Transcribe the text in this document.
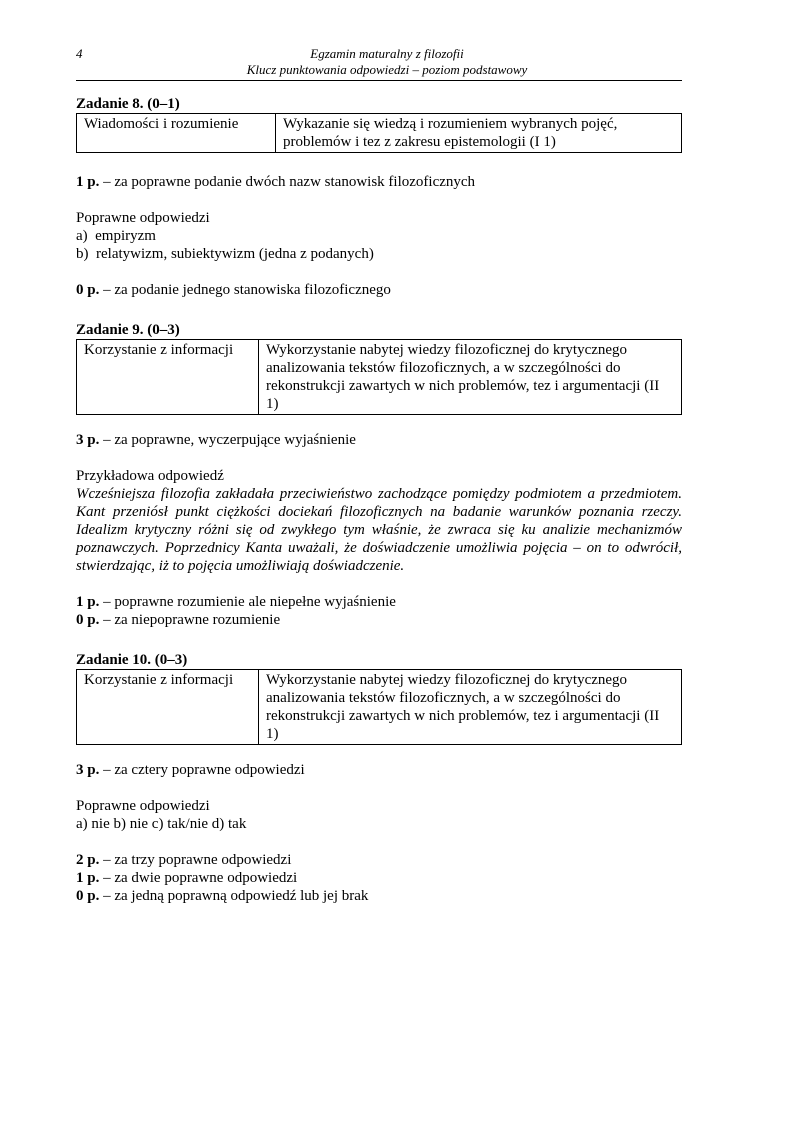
4	Egzamin maturalny z filozofii
Klucz punktowania odpowiedzi – poziom podstawowy

Zadanie 8. (0–1)

Wiadomości i rozumienie	Wykazanie się wiedzą i rozumieniem wybranych pojęć, problemów i tez z zakresu epistemologii (I 1)

1 p. – za poprawne podanie dwóch nazw stanowisk filozoficznych

Poprawne odpowiedzi

a)  empiryzm

b)  relatywizm, subiektywizm (jedna z podanych)

0 p. – za podanie jednego stanowiska filozoficznego

Zadanie 9. (0–3)

Korzystanie z informacji	Wykorzystanie nabytej wiedzy filozoficznej do krytycznego analizowania tekstów filozoficznych, a w szczególności do rekonstrukcji zawartych w nich problemów, tez i argumentacji (II 1)

3 p. – za poprawne, wyczerpujące wyjaśnienie

Przykładowa odpowiedź

Wcześniejsza filozofia zakładała przeciwieństwo zachodzące pomiędzy podmiotem a przedmiotem. Kant przeniósł punkt ciężkości dociekań filozoficznych na badanie warunków poznania rzeczy. Idealizm krytyczny różni się od zwykłego tym właśnie, że zwraca się ku analizie mechanizmów poznawczych. Poprzednicy Kanta uważali, że doświadczenie umożliwia pojęcia – on to odwrócił, stwierdzając, iż to pojęcia umożliwiają doświadczenie.

1 p. – poprawne rozumienie ale niepełne wyjaśnienie

0 p. – za niepoprawne rozumienie

Zadanie 10. (0–3)

Korzystanie z informacji	Wykorzystanie nabytej wiedzy filozoficznej do krytycznego analizowania tekstów filozoficznych, a w szczególności do rekonstrukcji zawartych w nich problemów, tez i argumentacji (II 1)

3 p. – za cztery poprawne odpowiedzi

Poprawne odpowiedzi

a) nie b) nie c) tak/nie d) tak

2 p. – za trzy poprawne odpowiedzi

1 p. – za dwie poprawne odpowiedzi

0 p. – za jedną poprawną odpowiedź lub jej brak
